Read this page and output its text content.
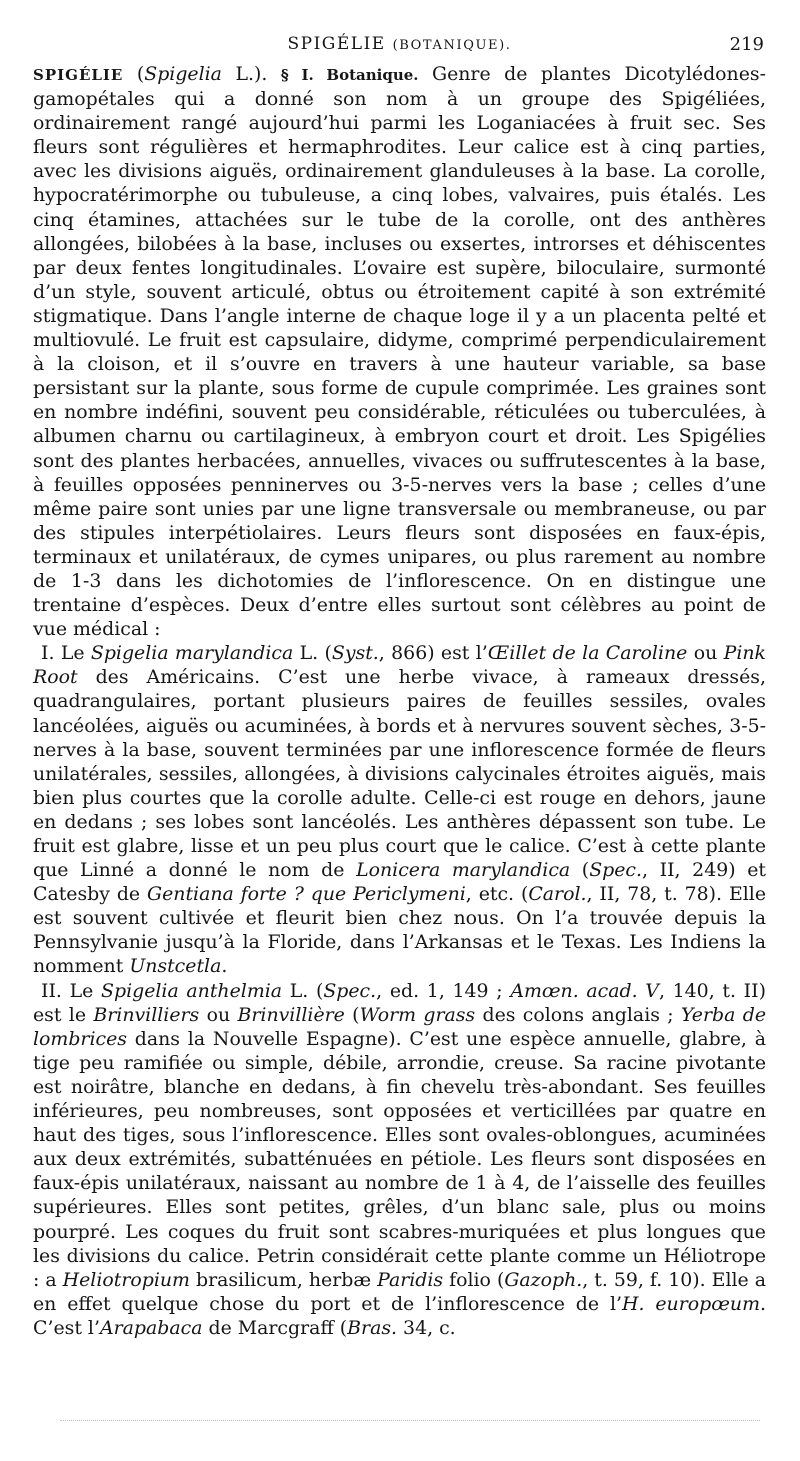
SPIGÉLIE (BOTANIQUE).	219

SPIGÉLIE (Spigelia L.). § I. Botanique. Genre de plantes Dicotylédones-gamopétales qui a donné son nom à un groupe des Spigéliées, ordinairement rangé aujourd’hui parmi les Loganiacées à fruit sec. Ses fleurs sont régulières et hermaphrodites. Leur calice est à cinq parties, avec les divisions aiguës, ordinairement glanduleuses à la base. La corolle, hypocratérimorphe ou tubuleuse, a cinq lobes, valvaires, puis étalés. Les cinq étamines, attachées sur le tube de la corolle, ont des anthères allongées, bilobées à la base, incluses ou exsertes, introrses et déhiscentes par deux fentes longitudinales. L’ovaire est supère, biloculaire, surmonté d’un style, souvent articulé, obtus ou étroitement capité à son extrémité stigmatique. Dans l’angle interne de chaque loge il y a un placenta pelté et multiovulé. Le fruit est capsulaire, didyme, comprimé perpendiculairement à la cloison, et il s’ouvre en travers à une hauteur variable, sa base persistant sur la plante, sous forme de cupule comprimée. Les graines sont en nombre indéfini, souvent peu considérable, réticulées ou tuberculées, à albumen charnu ou cartilagineux, à embryon court et droit. Les Spigélies sont des plantes herbacées, annuelles, vivaces ou suffrutescentes à la base, à feuilles opposées penninerves ou 3-5-nerves vers la base ; celles d’une même paire sont unies par une ligne transversale ou membraneuse, ou par des stipules interpétiolaires. Leurs fleurs sont disposées en faux-épis, terminaux et unilatéraux, de cymes unipares, ou plus rarement au nombre de 1-3 dans les dichotomies de l’inflorescence. On en distingue une trentaine d’espèces. Deux d’entre elles surtout sont célèbres au point de vue médical :

I. Le Spigelia marylandica L. (Syst., 866) est l’Œillet de la Caroline ou Pink Root des Américains. C’est une herbe vivace, à rameaux dressés, quadrangulaires, portant plusieurs paires de feuilles sessiles, ovales lancéolées, aiguës ou acuminées, à bords et à nervures souvent sèches, 3-5-nerves à la base, souvent terminées par une inflorescence formée de fleurs unilatérales, sessiles, allongées, à divisions calycinales étroites aiguës, mais bien plus courtes que la corolle adulte. Celle-ci est rouge en dehors, jaune en dedans ; ses lobes sont lancéolés. Les anthères dépassent son tube. Le fruit est glabre, lisse et un peu plus court que le calice. C’est à cette plante que Linné a donné le nom de Lonicera marylandica (Spec., II, 249) et Catesby de Gentiana forte ? que Periclymeni, etc. (Carol., II, 78, t. 78). Elle est souvent cultivée et fleurit bien chez nous. On l’a trouvée depuis la Pennsylvanie jusqu’à la Floride, dans l’Arkansas et le Texas. Les Indiens la nomment Unstcetla.

II. Le Spigelia anthelmia L. (Spec., ed. 1, 149 ; Amœn. acad. V, 140, t. II) est le Brinvilliers ou Brinvillière (Worm grass des colons anglais ; Yerba de lombrices dans la Nouvelle Espagne). C’est une espèce annuelle, glabre, à tige peu ramifiée ou simple, débile, arrondie, creuse. Sa racine pivotante est noirâtre, blanche en dedans, à fin chevelu très-abondant. Ses feuilles inférieures, peu nombreuses, sont opposées et verticillées par quatre en haut des tiges, sous l’inflorescence. Elles sont ovales-oblongues, acuminées aux deux extrémités, subatténuées en pétiole. Les fleurs sont disposées en faux-épis unilatéraux, naissant au nombre de 1 à 4, de l’aisselle des feuilles supérieures. Elles sont petites, grêles, d’un blanc sale, plus ou moins pourpré. Les coques du fruit sont scabres-muriquées et plus longues que les divisions du calice. Petrin considérait cette plante comme un Héliotrope : a Heliotropium brasilicum, herbæ Paridis folio (Gazoph., t. 59, f. 10). Elle a en effet quelque chose du port et de l’inflorescence de l’H. europœum. C’est l’Arapabaca de Marcgraff (Bras. 34, c.
